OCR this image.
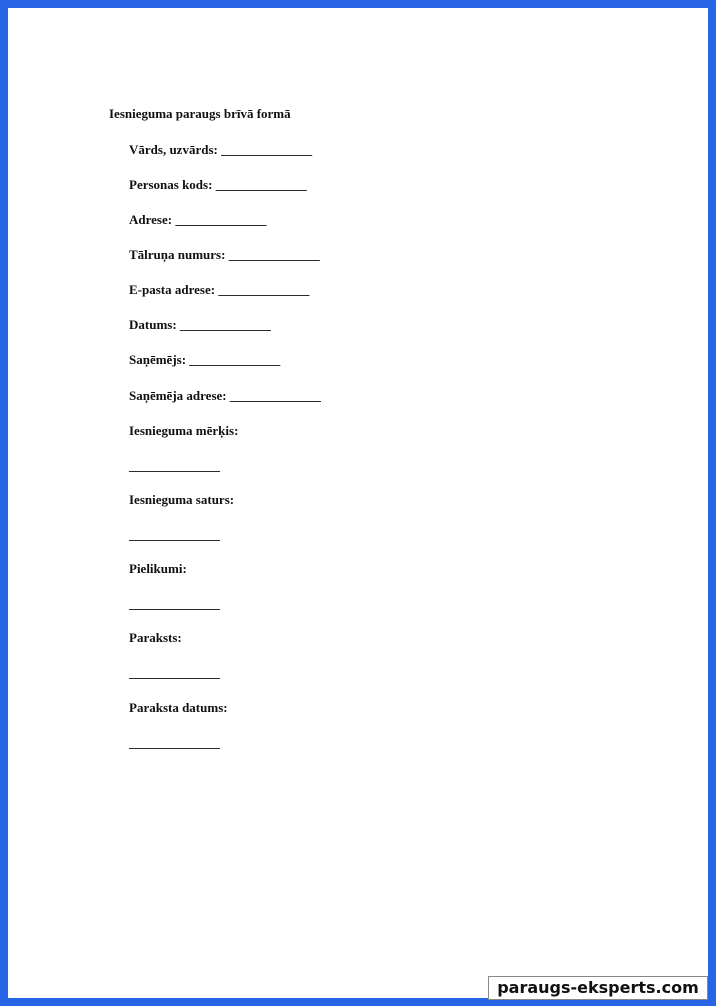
Iesnieguma paraugs brīvā formā
Vārds, uzvārds: ______________
Personas kods: ______________
Adrese: ______________
Tālruņa numurs: ______________
E-pasta adrese: ______________
Datums: ______________
Saņēmējs: ______________
Saņēmēja adrese: ______________
Iesnieguma mērķis:
______________
Iesnieguma saturs:
______________
Pielikumi:
______________
Paraksts:
______________
Paraksta datums:
______________
paraugs-eksperts.com
